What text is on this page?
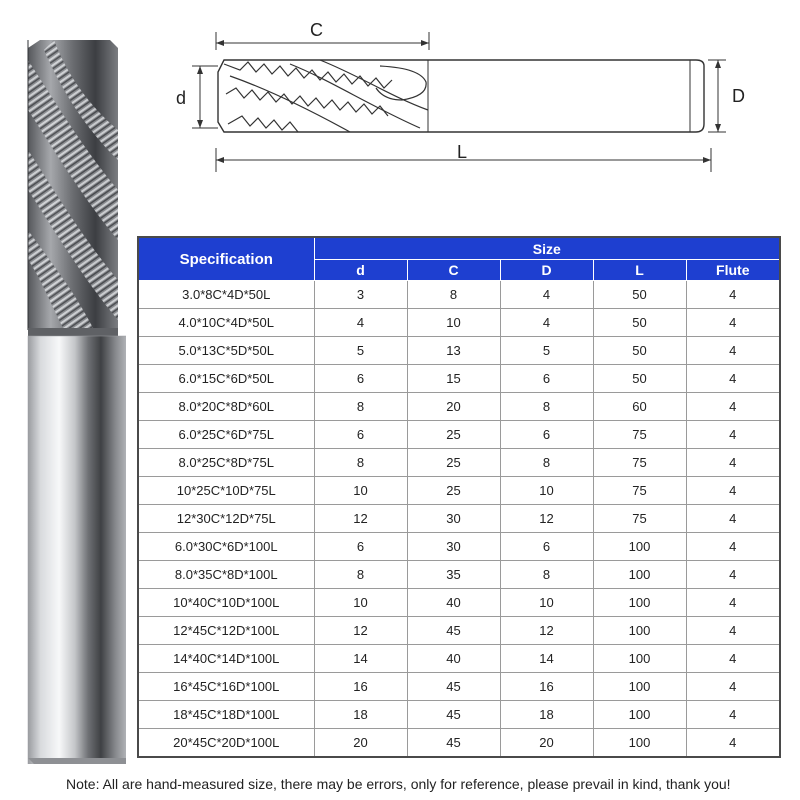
C
d	D
L
Specification	Size				
	d	C	D	L	Flute
3.0*8C*4D*50L	3	8	4	50	4
4.0*10C*4D*50L	4	10	4	50	4
5.0*13C*5D*50L	5	13	5	50	4
6.0*15C*6D*50L	6	15	6	50	4
8.0*20C*8D*60L	8	20	8	60	4
6.0*25C*6D*75L	6	25	6	75	4
8.0*25C*8D*75L	8	25	8	75	4
10*25C*10D*75L	10	25	10	75	4
12*30C*12D*75L	12	30	12	75	4
6.0*30C*6D*100L	6	30	6	100	4
8.0*35C*8D*100L	8	35	8	100	4
10*40C*10D*100L	10	40	10	100	4
12*45C*12D*100L	12	45	12	100	4
14*40C*14D*100L	14	40	14	100	4
16*45C*16D*100L	16	45	16	100	4
18*45C*18D*100L	18	45	18	100	4
20*45C*20D*100L	20	45	20	100	4
Note: All are hand-measured size, there may be errors, only for reference, please prevail in kind, thank you!
